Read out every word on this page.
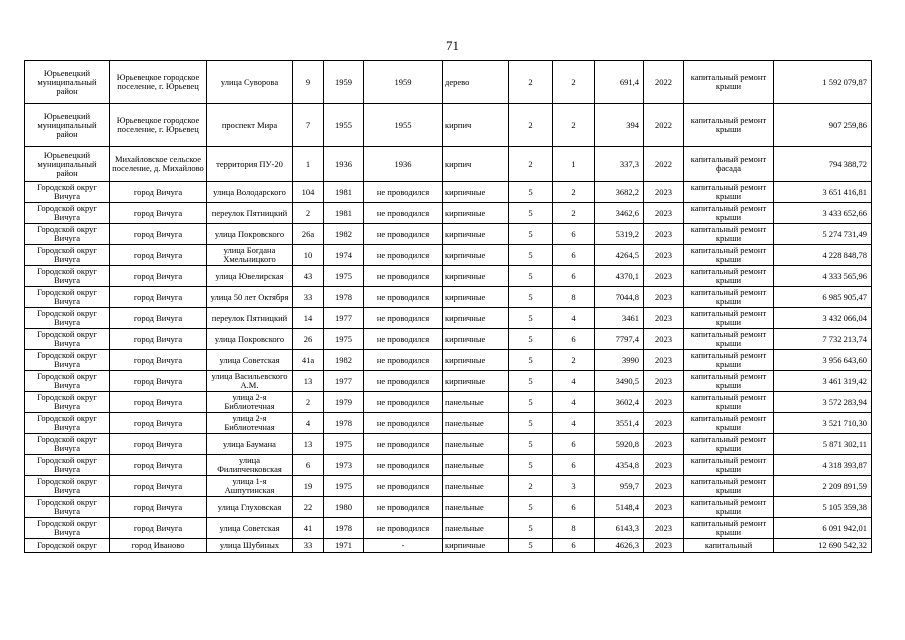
71
Юрьевецкий муниципальный район	Юрьевецкое городское поселение, г. Юрьевец	улица Суворова	9	1959	1959	дерево	2	2	691,4	2022	капитальный ремонт крыши	1 592 079,87
Юрьевецкий муниципальный район	Юрьевецкое городское поселение, г. Юрьевец	проспект Мира	7	1955	1955	кирпич	2	2	394	2022	капитальный ремонт крыши	907 259,86
Юрьевецкий муниципальный район	Михайловское сельское поселение, д. Михайлово	территория ПУ-20	1	1936	1936	кирпич	2	1	337,3	2022	капитальный ремонт фасада	794 388,72
Городской округ Вичуга	город Вичуга	улица Володарского	104	1981	не проводился	кирпичные	5	2	3682,2	2023	капитальный ремонт крыши	3 651 416,81
Городской округ Вичуга	город Вичуга	переулок Пятницкий	2	1981	не проводился	кирпичные	5	2	3462,6	2023	капитальный ремонт крыши	3 433 652,66
Городской округ Вичуга	город Вичуга	улица Покровского	26а	1982	не проводился	кирпичные	5	6	5319,2	2023	капитальный ремонт крыши	5 274 731,49
Городской округ Вичуга	город Вичуга	улица Богдана Хмельницкого	10	1974	не проводился	кирпичные	5	6	4264,5	2023	капитальный ремонт крыши	4 228 848,78
Городской округ Вичуга	город Вичуга	улица Ювелирская	43	1975	не проводился	кирпичные	5	6	4370,1	2023	капитальный ремонт крыши	4 333 565,96
Городской округ Вичуга	город Вичуга	улица 50 лет Октября	33	1978	не проводился	кирпичные	5	8	7044,8	2023	капитальный ремонт крыши	6 985 905,47
Городской округ Вичуга	город Вичуга	переулок Пятницкий	14	1977	не проводился	кирпичные	5	4	3461	2023	капитальный ремонт крыши	3 432 066,04
Городской округ Вичуга	город Вичуга	улица Покровского	26	1975	не проводился	кирпичные	5	6	7797,4	2023	капитальный ремонт крыши	7 732 213,74
Городской округ Вичуга	город Вичуга	улица Советская	41а	1982	не проводился	кирпичные	5	2	3990	2023	капитальный ремонт крыши	3 956 643,60
Городской округ Вичуга	город Вичуга	улица Васильевского А.М.	13	1977	не проводился	кирпичные	5	4	3490,5	2023	капитальный ремонт крыши	3 461 319,42
Городской округ Вичуга	город Вичуга	улица 2-я Библиотечная	2	1979	не проводился	панельные	5	4	3602,4	2023	капитальный ремонт крыши	3 572 283,94
Городской округ Вичуга	город Вичуга	улица 2-я Библиотечная	4	1978	не проводился	панельные	5	4	3551,4	2023	капитальный ремонт крыши	3 521 710,30
Городской округ Вичуга	город Вичуга	улица Баумана	13	1975	не проводился	панельные	5	6	5920,8	2023	капитальный ремонт крыши	5 871 302,11
Городской округ Вичуга	город Вичуга	улица Филипченковская	6	1973	не проводился	панельные	5	6	4354,8	2023	капитальный ремонт крыши	4 318 393,87
Городской округ Вичуга	город Вичуга	улица 1-я Ашпутинская	19	1975	не проводился	панельные	2	3	959,7	2023	капитальный ремонт крыши	2 209 891,59
Городской округ Вичуга	город Вичуга	улица Глуховская	22	1980	не проводился	панельные	5	6	5148,4	2023	капитальный ремонт крыши	5 105 359,38
Городской округ Вичуга	город Вичуга	улица Советская	41	1978	не проводился	панельные	5	8	6143,3	2023	капитальный ремонт крыши	6 091 942,01
Городской округ	город Иваново	улица Шубиных	33	1971	-	кирпичные	5	6	4626,3	2023	капитальный	12 690 542,32
